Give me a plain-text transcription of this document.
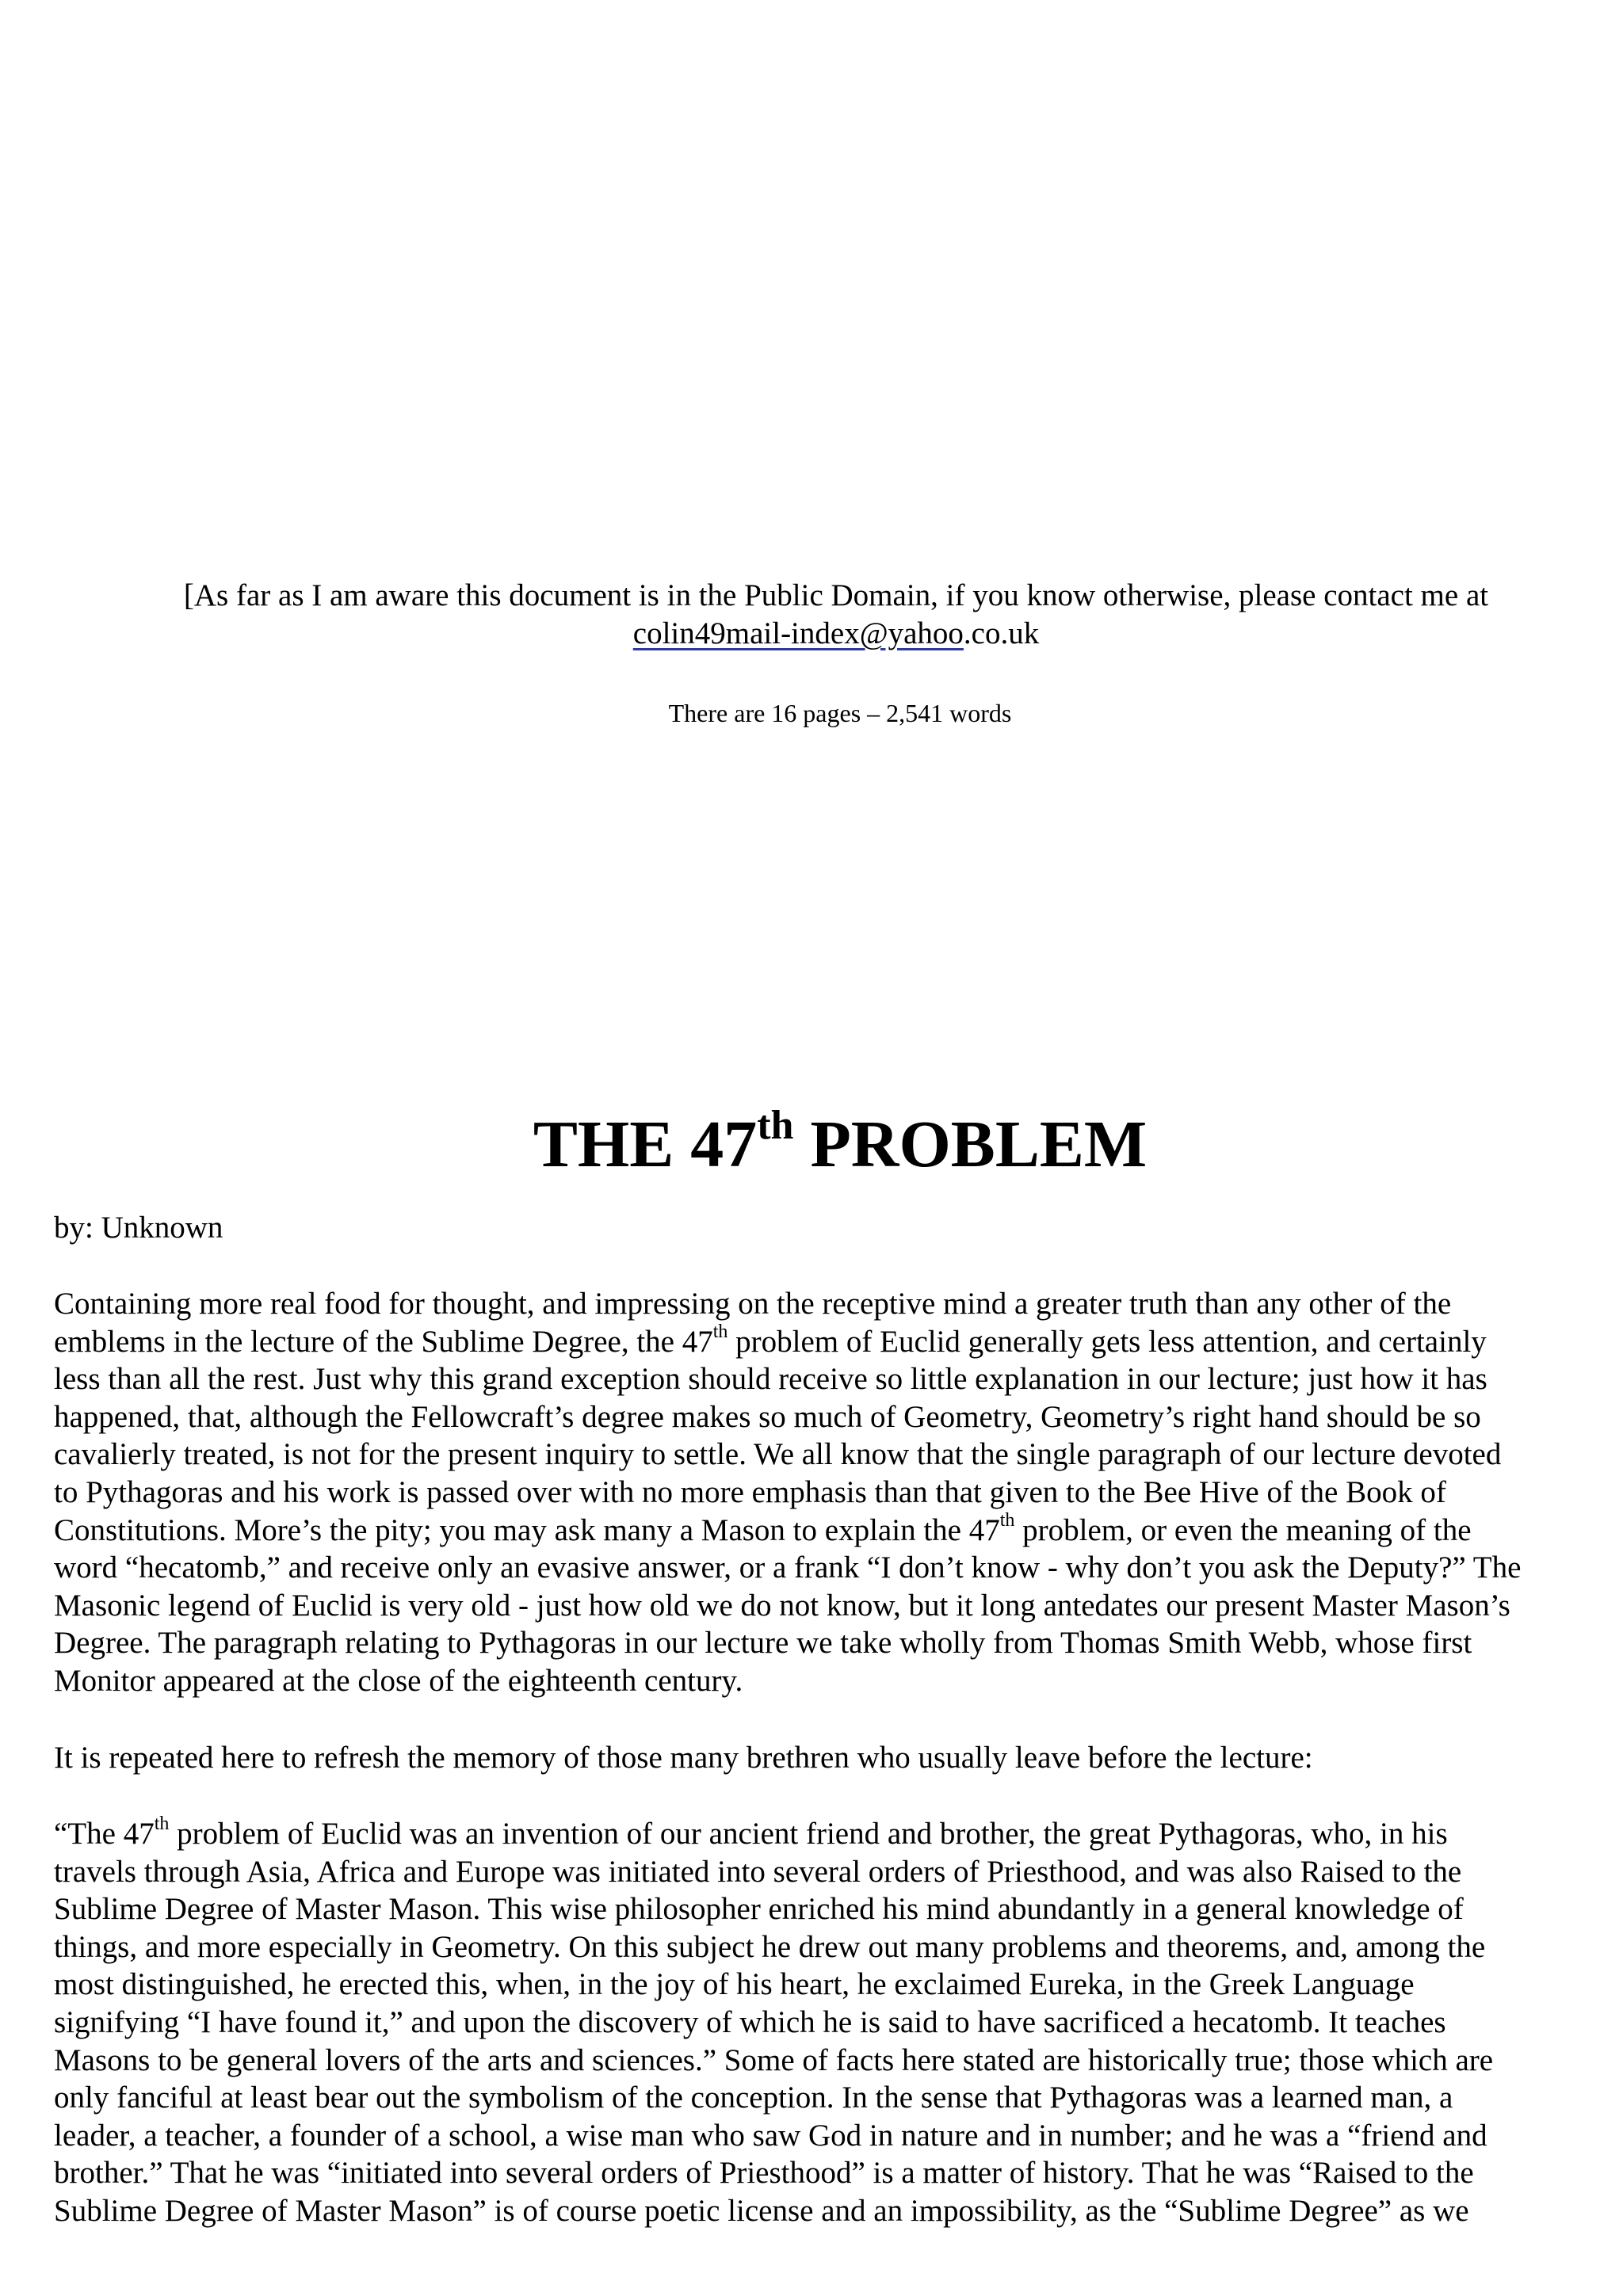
[As far as I am aware this document is in the Public Domain, if you know otherwise, please contact me at
colin49mail-index@yahoo.co.uk
There are 16 pages – 2,541 words
THE 47th PROBLEM
by: Unknown
Containing more real food for thought, and impressing on the receptive mind a greater truth than any other of the
emblems in the lecture of the Sublime Degree, the 47th problem of Euclid generally gets less attention, and certainly
less than all the rest. Just why this grand exception should receive so little explanation in our lecture; just how it has
happened, that, although the Fellowcraft’s degree makes so much of Geometry, Geometry’s right hand should be so
cavalierly treated, is not for the present inquiry to settle. We all know that the single paragraph of our lecture devoted
to Pythagoras and his work is passed over with no more emphasis than that given to the Bee Hive of the Book of
Constitutions. More’s the pity; you may ask many a Mason to explain the 47th problem, or even the meaning of the
word “hecatomb,” and receive only an evasive answer, or a frank “I don’t know - why don’t you ask the Deputy?” The
Masonic legend of Euclid is very old - just how old we do not know, but it long antedates our present Master Mason’s
Degree. The paragraph relating to Pythagoras in our lecture we take wholly from Thomas Smith Webb, whose first
Monitor appeared at the close of the eighteenth century.
It is repeated here to refresh the memory of those many brethren who usually leave before the lecture:
“The 47th problem of Euclid was an invention of our ancient friend and brother, the great Pythagoras, who, in his
travels through Asia, Africa and Europe was initiated into several orders of Priesthood, and was also Raised to the
Sublime Degree of Master Mason. This wise philosopher enriched his mind abundantly in a general knowledge of
things, and more especially in Geometry. On this subject he drew out many problems and theorems, and, among the
most distinguished, he erected this, when, in the joy of his heart, he exclaimed Eureka, in the Greek Language
signifying “I have found it,” and upon the discovery of which he is said to have sacrificed a hecatomb. It teaches
Masons to be general lovers of the arts and sciences.” Some of facts here stated are historically true; those which are
only fanciful at least bear out the symbolism of the conception. In the sense that Pythagoras was a learned man, a
leader, a teacher, a founder of a school, a wise man who saw God in nature and in number; and he was a “friend and
brother.” That he was “initiated into several orders of Priesthood” is a matter of history. That he was “Raised to the
Sublime Degree of Master Mason” is of course poetic license and an impossibility, as the “Sublime Degree” as we
